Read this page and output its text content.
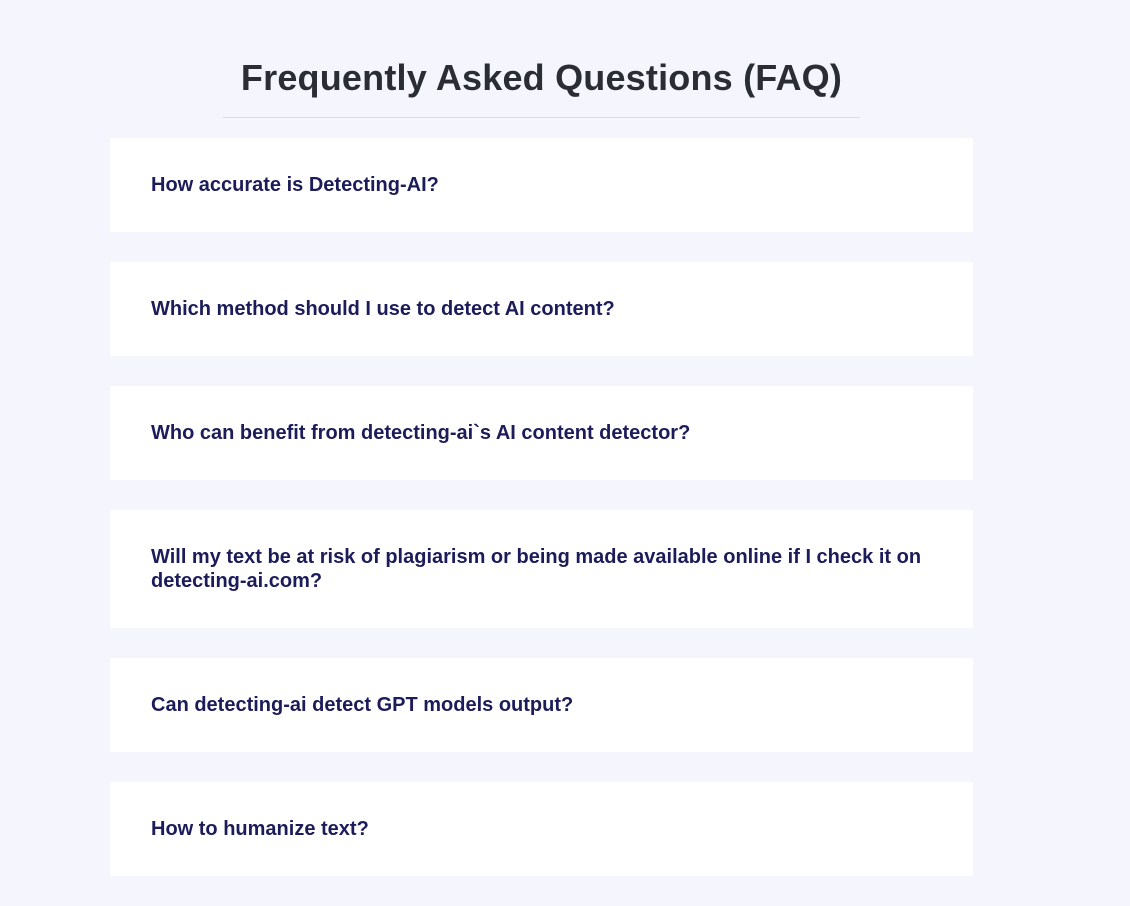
Frequently Asked Questions (FAQ)

How accurate is Detecting-AI?

Which method should I use to detect AI content?

Who can benefit from detecting-ai`s AI content detector?

Will my text be at risk of plagiarism or being made available online if I check it on detecting-ai.com?

Can detecting-ai detect GPT models output?

How to humanize text?
